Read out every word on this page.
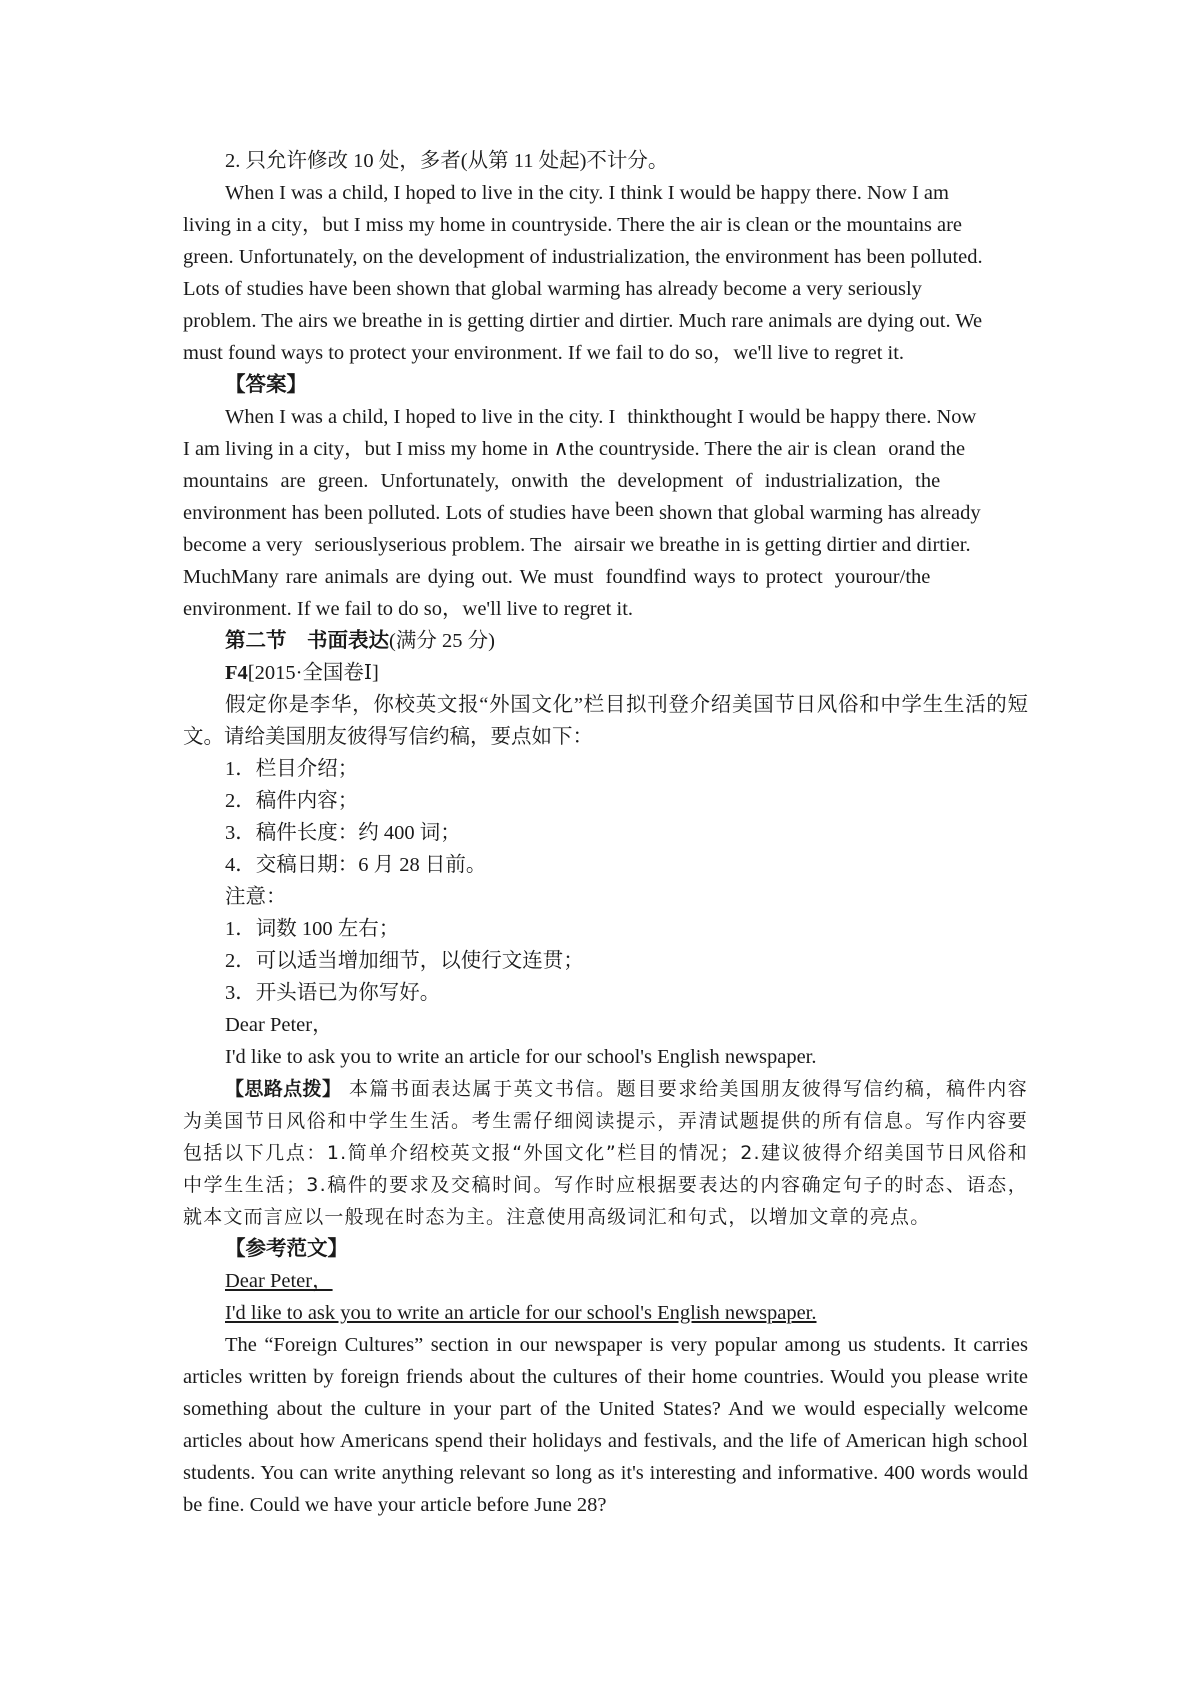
2. 只允许修改 10 处，多者(从第 11 处起)不计分。

When I was a child, I hoped to live in the city. I think I would be happy there. Now I am

living in a city，but I miss my home in countryside. There the air is clean or the mountains are

green. Unfortunately, on the development of industrialization, the environment has been polluted.

Lots of studies have been shown that global warming has already become a very seriously

problem. The airs we breathe in is getting dirtier and dirtier. Much rare animals are dying out. We

must found ways to protect your environment. If we fail to do so，we'll live to regret it.

【答案】

When I was a child, I hoped to live in the city. I thinkthought I would be happy there. Now

I am living in a city，but I miss my home in ∧the countryside. There the air is clean orand the

mountains are green. Unfortunately, onwith the development of industrialization, the

environment has been polluted. Lots of studies have been shown that global warming has already

become a very seriouslyserious problem. The airsair we breathe in is getting dirtier and dirtier.

MuchMany rare animals are dying out. We must foundfind ways to protect yourour/the

environment. If we fail to do so，we'll live to regret it.

第二节　书面表达(满分 25 分)

F4[2015·全国卷Ⅰ]

假定你是李华，你校英文报“外国文化”栏目拟刊登介绍美国节日风俗和中学生生活的短文。请给美国朋友彼得写信约稿，要点如下：

1．栏目介绍；

2．稿件内容；

3．稿件长度：约 400 词；

4．交稿日期：6 月 28 日前。

注意：

1．词数 100 左右；

2．可以适当增加细节，以使行文连贯；

3．开头语已为你写好。

Dear Peter，

I'd like to ask you to write an article for our school's English newspaper.

【思路点拨】 本篇书面表达属于英文书信。题目要求给美国朋友彼得写信约稿，稿件内容为美国节日风俗和中学生生活。考生需仔细阅读提示，弄清试题提供的所有信息。写作内容要包括以下几点：1.简单介绍校英文报“外国文化”栏目的情况；2.建议彼得介绍美国节日风俗和中学生生活；3.稿件的要求及交稿时间。写作时应根据要表达的内容确定句子的时态、语态，就本文而言应以一般现在时态为主。注意使用高级词汇和句式，以增加文章的亮点。

【参考范文】

Dear Peter，

I'd like to ask you to write an article for our school's English newspaper.

The “Foreign Cultures” section in our newspaper is very popular among us students. It carries articles written by foreign friends about the cultures of their home countries. Would you please write something about the culture in your part of the United States? And we would especially welcome articles about how Americans spend their holidays and festivals, and the life of American high school students. You can write anything relevant so long as it's interesting and informative. 400 words would be fine. Could we have your article before June 28?
